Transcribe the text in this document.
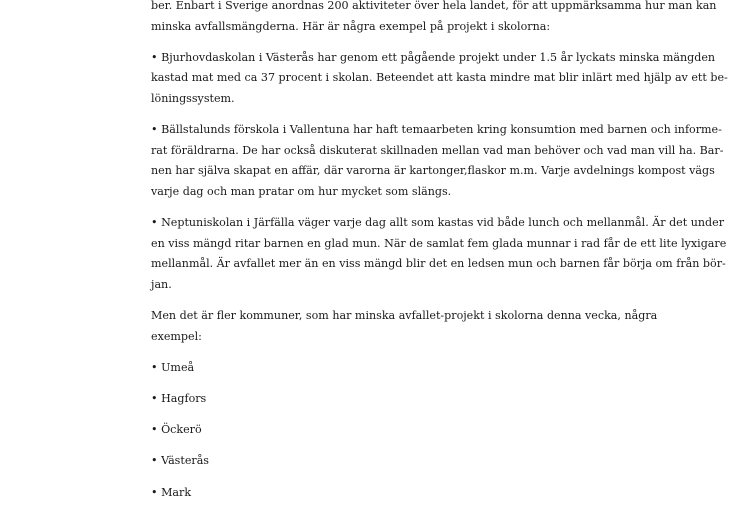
ber. Enbart i Sverige anordnas 200 aktiviteter över hela landet, för att uppmärksamma hur man kan
minska avfallsmängderna. Här är några exempel på projekt i skolorna:

• Bjurhovdaskolan i Västerås har genom ett pågående projekt under 1.5 år lyckats minska mängden
kastad mat med ca 37 procent i skolan. Beteendet att kasta mindre mat blir inlärt med hjälp av ett be-
löningssystem.

• Bällstalunds förskola i Vallentuna har haft temaarbeten kring konsumtion med barnen och informe-
rat föräldrarna. De har också diskuterat skillnaden mellan vad man behöver och vad man vill ha. Bar-
nen har själva skapat en affär, där varorna är kartonger,flaskor m.m. Varje avdelnings kompost vägs
varje dag och man pratar om hur mycket som slängs.

• Neptuniskolan i Järfälla väger varje dag allt som kastas vid både lunch och mellanmål. Är det under
en viss mängd ritar barnen en glad mun. När de samlat fem glada munnar i rad får de ett lite lyxigare
mellanmål. Är avfallet mer än en viss mängd blir det en ledsen mun och barnen får börja om från bör-
jan.

Men det är fler kommuner, som har minska avfallet-projekt i skolorna denna vecka, några exempel:

• Umeå

• Hagfors

• Öckerö

• Västerås

• Mark
